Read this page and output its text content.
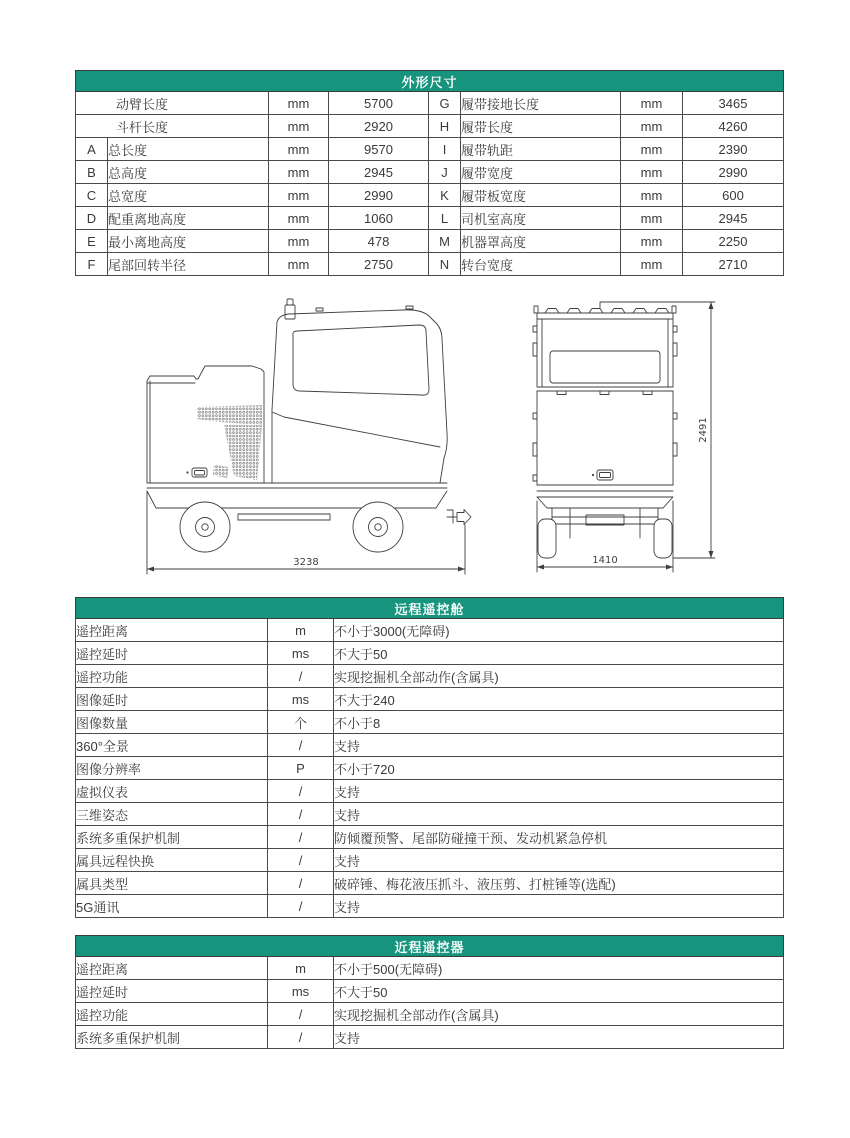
外形尺寸							
动臂长度		mm	5700	G	履带接地长度	mm	3465
斗杆长度		mm	2920	H	履带长度	mm	4260
A	总长度	mm	9570	I	履带轨距	mm	2390
B	总高度	mm	2945	J	履带宽度	mm	2990
C	总宽度	mm	2990	K	履带板宽度	mm	600
D	配重离地高度	mm	1060	L	司机室高度	mm	2945
E	最小离地高度	mm	478	M	机器罩高度	mm	2250
F	尾部回转半径	mm	2750	N	转台宽度	mm	2710
3238	1410
2491
远程遥控舱		
遥控距离	m	不小于3000(无障碍)
遥控延时	ms	不大于50
遥控功能	/	实现挖掘机全部动作(含属具)
图像延时	ms	不大于240
图像数量	个	不小于8
360°全景	/	支持
图像分辨率	P	不小于720
虚拟仪表	/	支持
三维姿态	/	支持
系统多重保护机制	/	防倾覆预警、尾部防碰撞干预、发动机紧急停机
属具远程快换	/	支持
属具类型	/	破碎锤、梅花液压抓斗、液压剪、打桩锤等(选配)
5G通讯	/	支持
近程遥控器		
遥控距离	m	不小于500(无障碍)
遥控延时	ms	不大于50
遥控功能	/	实现挖掘机全部动作(含属具)
系统多重保护机制	/	支持
